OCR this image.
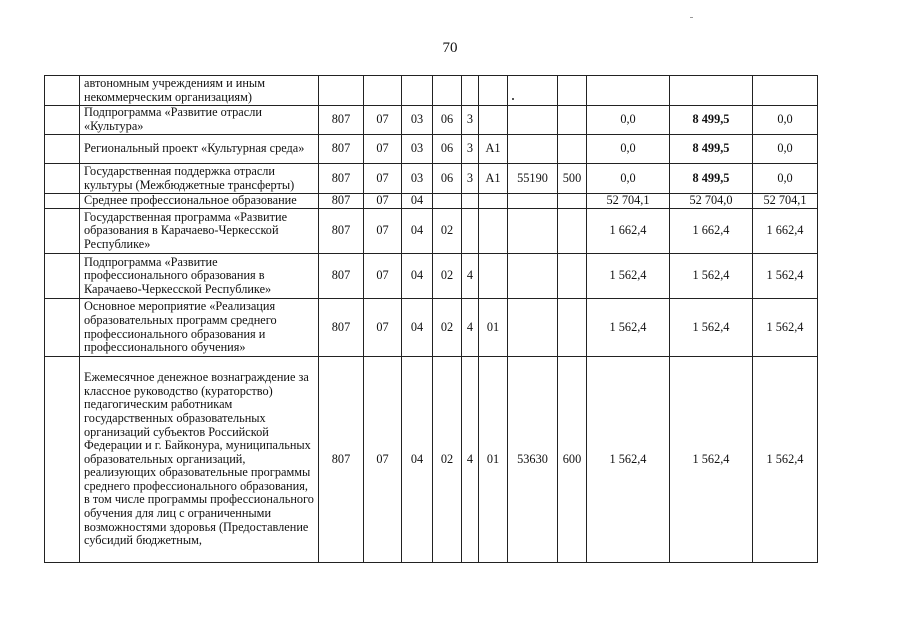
70
	автономным учреждениям и иным некоммерческим организациям)											
	Подпрограмма «Развитие отрасли «Культура»	807	07	03	06	3				0,0	8 499,5	0,0
	Региональный проект «Культурная среда»	807	07	03	06	3	A1			0,0	8 499,5	0,0
	Государственная поддержка отрасли культуры (Межбюджетные трансферты)	807	07	03	06	3	A1	55190	500	0,0	8 499,5	0,0
	Среднее профессиональное образование	807	07	04						52 704,1	52 704,0	52 704,1
	Государственная программа «Развитие образования в Карачаево-Черкесской Республике»	807	07	04	02					1 662,4	1 662,4	1 662,4
	Подпрограмма «Развитие профессионального образования в Карачаево-Черкесской Республике»	807	07	04	02	4				1 562,4	1 562,4	1 562,4
	Основное мероприятие «Реализация образовательных программ среднего профессионального образования и профессионального обучения»	807	07	04	02	4	01			1 562,4	1 562,4	1 562,4
	Ежемесячное денежное вознаграждение за классное руководство (кураторство) педагогическим работникам государственных образовательных организаций субъектов Российской Федерации и г. Байконура, муниципальных образовательных организаций, реализующих образовательные программы среднего профессионального образования, в том числе программы профессионального обучения для лиц с ограниченными возможностями здоровья (Предоставление субсидий бюджетным,	807	07	04	02	4	01	53630	600	1 562,4	1 562,4	1 562,4
